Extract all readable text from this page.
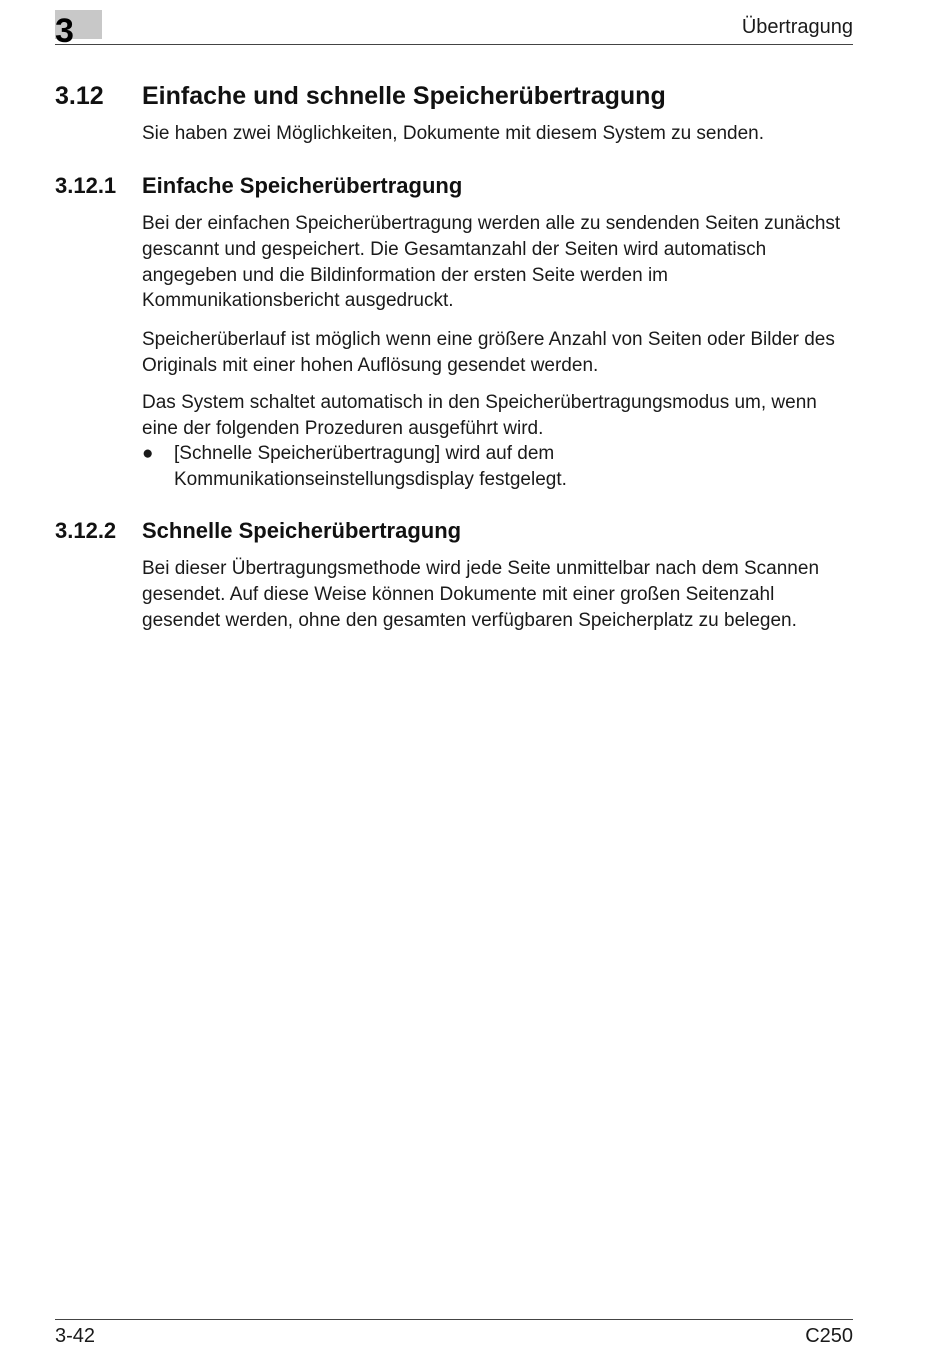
3	Übertragung
3.12 Einfache und schnelle Speicherübertragung

Sie haben zwei Möglichkeiten, Dokumente mit diesem System zu senden.

3.12.1 Einfache Speicherübertragung

Bei der einfachen Speicherübertragung werden alle zu sendenden Seiten zunächst gescannt und gespeichert. Die Gesamtanzahl der Seiten wird automatisch angegeben und die Bildinformation der ersten Seite werden im Kommunikationsbericht ausgedruckt.

Speicherüberlauf ist möglich wenn eine größere Anzahl von Seiten oder Bilder des Originals mit einer hohen Auflösung gesendet werden.

Das System schaltet automatisch in den Speicherübertragungsmodus um, wenn eine der folgenden Prozeduren ausgeführt wird.

●	[Schnelle Speicherübertragung] wird auf dem Kommunikationseinstellungsdisplay festgelegt.
3.12.2 Schnelle Speicherübertragung

Bei dieser Übertragungsmethode wird jede Seite unmittelbar nach dem Scannen gesendet. Auf diese Weise können Dokumente mit einer großen Seitenzahl gesendet werden, ohne den gesamten verfügbaren Speicherplatz zu belegen.

3-42	C250
